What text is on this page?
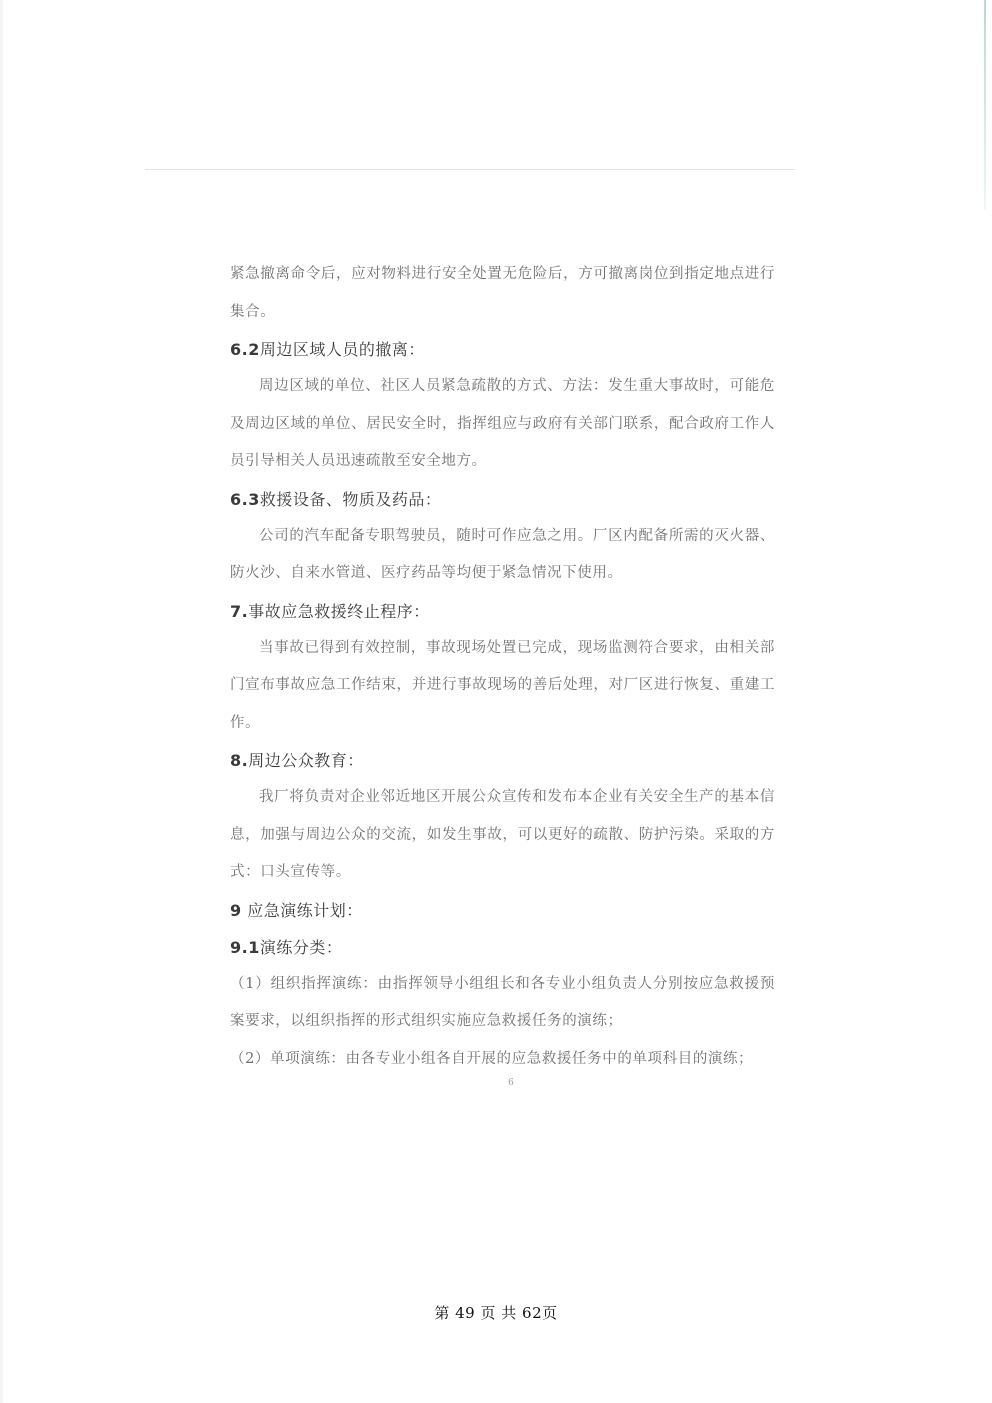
紧急撤离命令后，应对物料进行安全处置无危险后，方可撤离岗位到指定地点进行集合。

6.2周边区域人员的撤离：

周边区域的单位、社区人员紧急疏散的方式、方法：发生重大事故时，可能危及周边区域的单位、居民安全时，指挥组应与政府有关部门联系，配合政府工作人员引导相关人员迅速疏散至安全地方。

6.3救援设备、物质及药品：

公司的汽车配备专职驾驶员，随时可作应急之用。厂区内配备所需的灭火器、防火沙、自来水管道、医疗药品等均便于紧急情况下使用。

7.事故应急救援终止程序：

当事故已得到有效控制，事故现场处置已完成，现场监测符合要求，由相关部门宣布事故应急工作结束，并进行事故现场的善后处理，对厂区进行恢复、重建工作。

8.周边公众教育：

我厂将负责对企业邻近地区开展公众宣传和发布本企业有关安全生产的基本信息，加强与周边公众的交流，如发生事故，可以更好的疏散、防护污染。采取的方式：口头宣传等。

9 应急演练计划：

9.1演练分类：

（1）组织指挥演练：由指挥领导小组组长和各专业小组负责人分别按应急救援预案要求，以组织指挥的形式组织实施应急救援任务的演练；

（2）单项演练：由各专业小组各自开展的应急救援任务中的单项科目的演练；

6
第 49 页 共 62页
